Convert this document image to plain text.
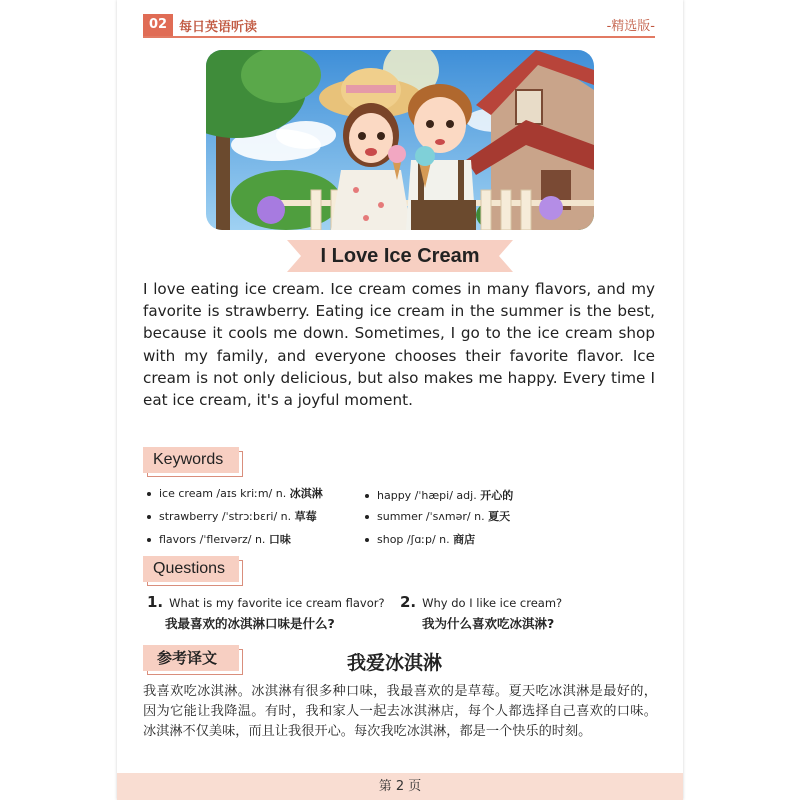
02 每日英语听读	-精选版-
I Love Ice Cream
I love eating ice cream. Ice cream comes in many flavors, and my favorite is strawberry. Eating ice cream in the summer is the best, because it cools me down. Sometimes, I go to the ice cream shop with my family, and everyone chooses their favorite flavor. Ice cream is not only delicious, but also makes me happy. Every time I eat ice cream, it's a joyful moment.
Keywords
ice cream /aɪs kriːm/ n. 冰淇淋	happy /ˈhæpi/ adj. 开心的
strawberry /ˈstrɔːbɛri/ n. 草莓	summer /ˈsʌmər/ n. 夏天
flavors /ˈfleɪvərz/ n. 口味	shop /ʃɑːp/ n. 商店
Questions
1. What is my favorite ice cream flavor?
我最喜欢的冰淇淋口味是什么?
2. Why do I like ice cream?
我为什么喜欢吃冰淇淋?
参考译文	我爱冰淇淋
我喜欢吃冰淇淋。冰淇淋有很多种口味，我最喜欢的是草莓。夏天吃冰淇淋是最好的，因为它能让我降温。有时，我和家人一起去冰淇淋店，每个人都选择自己喜欢的口味。冰淇淋不仅美味，而且让我很开心。每次我吃冰淇淋，都是一个快乐的时刻。
第 2 页
